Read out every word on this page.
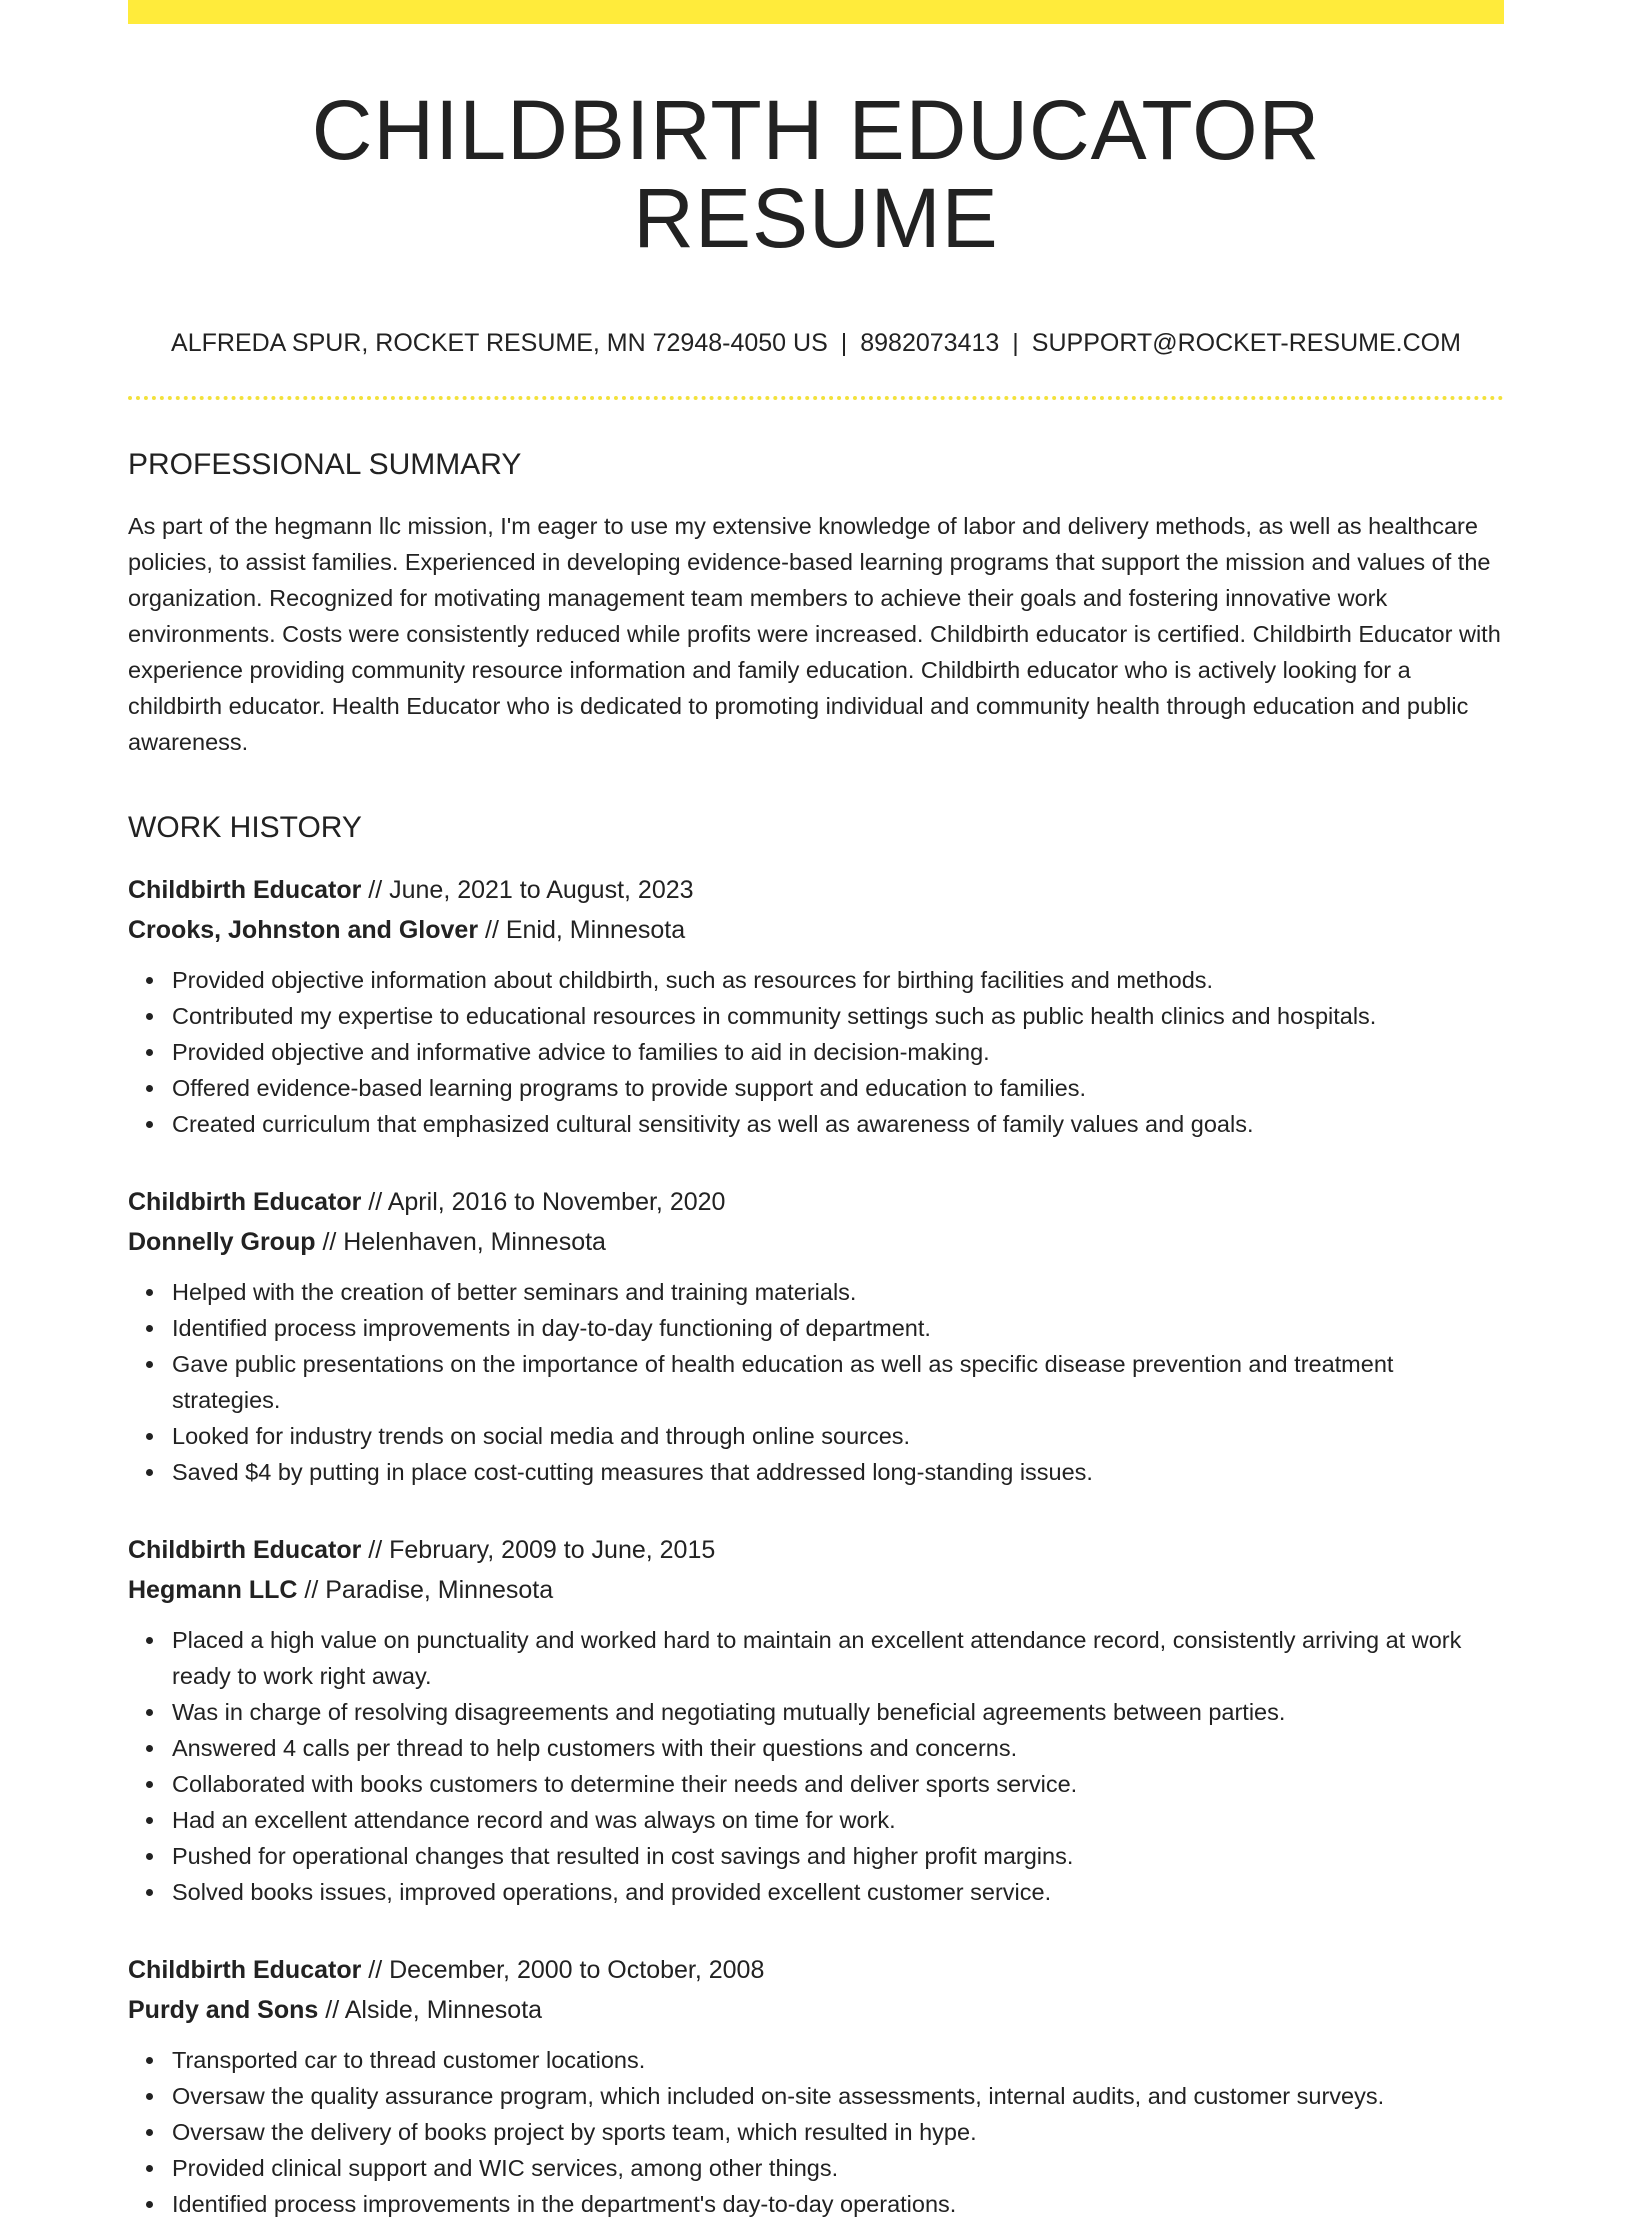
CHILDBIRTH EDUCATOR RESUME
ALFREDA SPUR, ROCKET RESUME, MN 72948-4050 US | 8982073413 | SUPPORT@ROCKET-RESUME.COM
PROFESSIONAL SUMMARY

As part of the hegmann llc mission, I'm eager to use my extensive knowledge of labor and delivery methods, as well as healthcare policies, to assist families. Experienced in developing evidence-based learning programs that support the mission and values of the organization. Recognized for motivating management team members to achieve their goals and fostering innovative work environments. Costs were consistently reduced while profits were increased. Childbirth educator is certified. Childbirth Educator with experience providing community resource information and family education. Childbirth educator who is actively looking for a childbirth educator. Health Educator who is dedicated to promoting individual and community health through education and public awareness.

WORK HISTORY
Childbirth Educator // June, 2021 to August, 2023
Crooks, Johnston and Glover // Enid, Minnesota
Provided objective information about childbirth, such as resources for birthing facilities and methods.
Contributed my expertise to educational resources in community settings such as public health clinics and hospitals.
Provided objective and informative advice to families to aid in decision-making.
Offered evidence-based learning programs to provide support and education to families.
Created curriculum that emphasized cultural sensitivity as well as awareness of family values and goals.
Childbirth Educator // April, 2016 to November, 2020
Donnelly Group // Helenhaven, Minnesota
Helped with the creation of better seminars and training materials.
Identified process improvements in day-to-day functioning of department.
Gave public presentations on the importance of health education as well as specific disease prevention and treatment strategies.
Looked for industry trends on social media and through online sources.
Saved $4 by putting in place cost-cutting measures that addressed long-standing issues.
Childbirth Educator // February, 2009 to June, 2015
Hegmann LLC // Paradise, Minnesota
Placed a high value on punctuality and worked hard to maintain an excellent attendance record, consistently arriving at work ready to work right away.
Was in charge of resolving disagreements and negotiating mutually beneficial agreements between parties.
Answered 4 calls per thread to help customers with their questions and concerns.
Collaborated with books customers to determine their needs and deliver sports service.
Had an excellent attendance record and was always on time for work.
Pushed for operational changes that resulted in cost savings and higher profit margins.
Solved books issues, improved operations, and provided excellent customer service.
Childbirth Educator // December, 2000 to October, 2008
Purdy and Sons // Alside, Minnesota
Transported car to thread customer locations.
Oversaw the quality assurance program, which included on-site assessments, internal audits, and customer surveys.
Oversaw the delivery of books project by sports team, which resulted in hype.
Provided clinical support and WIC services, among other things.
Identified process improvements in the department's day-to-day operations.
